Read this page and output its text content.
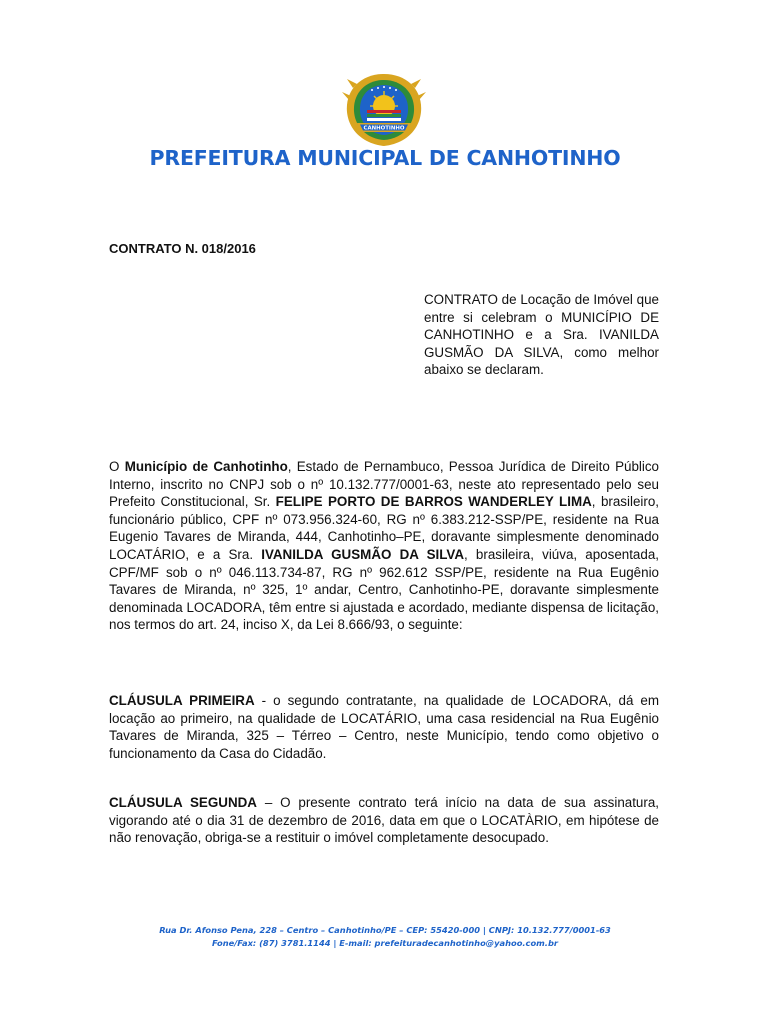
CANHOTINHO
PREFEITURA MUNICIPAL DE CANHOTINHO
CONTRATO N. 018/2016
CONTRATO de Locação de Imóvel que entre si celebram o MUNICÍPIO DE CANHOTINHO e a Sra. IVANILDA GUSMÃO DA SILVA, como melhor abaixo se declaram.
O Município de Canhotinho, Estado de Pernambuco, Pessoa Jurídica de Direito Público Interno, inscrito no CNPJ sob o nº 10.132.777/0001-63, neste ato representado pelo seu Prefeito Constitucional, Sr. FELIPE PORTO DE BARROS WANDERLEY LIMA, brasileiro, funcionário público, CPF nº 073.956.324-60, RG nº 6.383.212-SSP/PE, residente na Rua Eugenio Tavares de Miranda, 444, Canhotinho–PE, doravante simplesmente denominado LOCATÁRIO, e a Sra. IVANILDA GUSMÃO DA SILVA, brasileira, viúva, aposentada, CPF/MF sob o nº 046.113.734-87, RG nº 962.612 SSP/PE, residente na Rua Eugênio Tavares de Miranda, nº 325, 1º andar, Centro, Canhotinho-PE, doravante simplesmente denominada LOCADORA, têm entre si ajustada e acordado, mediante dispensa de licitação, nos termos do art. 24, inciso X, da Lei 8.666/93, o seguinte:
CLÁUSULA PRIMEIRA - o segundo contratante, na qualidade de LOCADORA, dá em locação ao primeiro, na qualidade de LOCATÁRIO, uma casa residencial na Rua Eugênio Tavares de Miranda, 325 – Térreo – Centro, neste Município, tendo como objetivo o funcionamento da Casa do Cidadão.
CLÁUSULA SEGUNDA – O presente contrato terá início na data de sua assinatura, vigorando até o dia 31 de dezembro de 2016, data em que o LOCATÀRIO, em hipótese de não renovação, obriga-se a restituir o imóvel completamente desocupado.
Rua Dr. Afonso Pena, 228 – Centro – Canhotinho/PE – CEP: 55420-000 | CNPJ: 10.132.777/0001-63
Fone/Fax: (87) 3781.1144 | E-mail: prefeituradecanhotinho@yahoo.com.br
